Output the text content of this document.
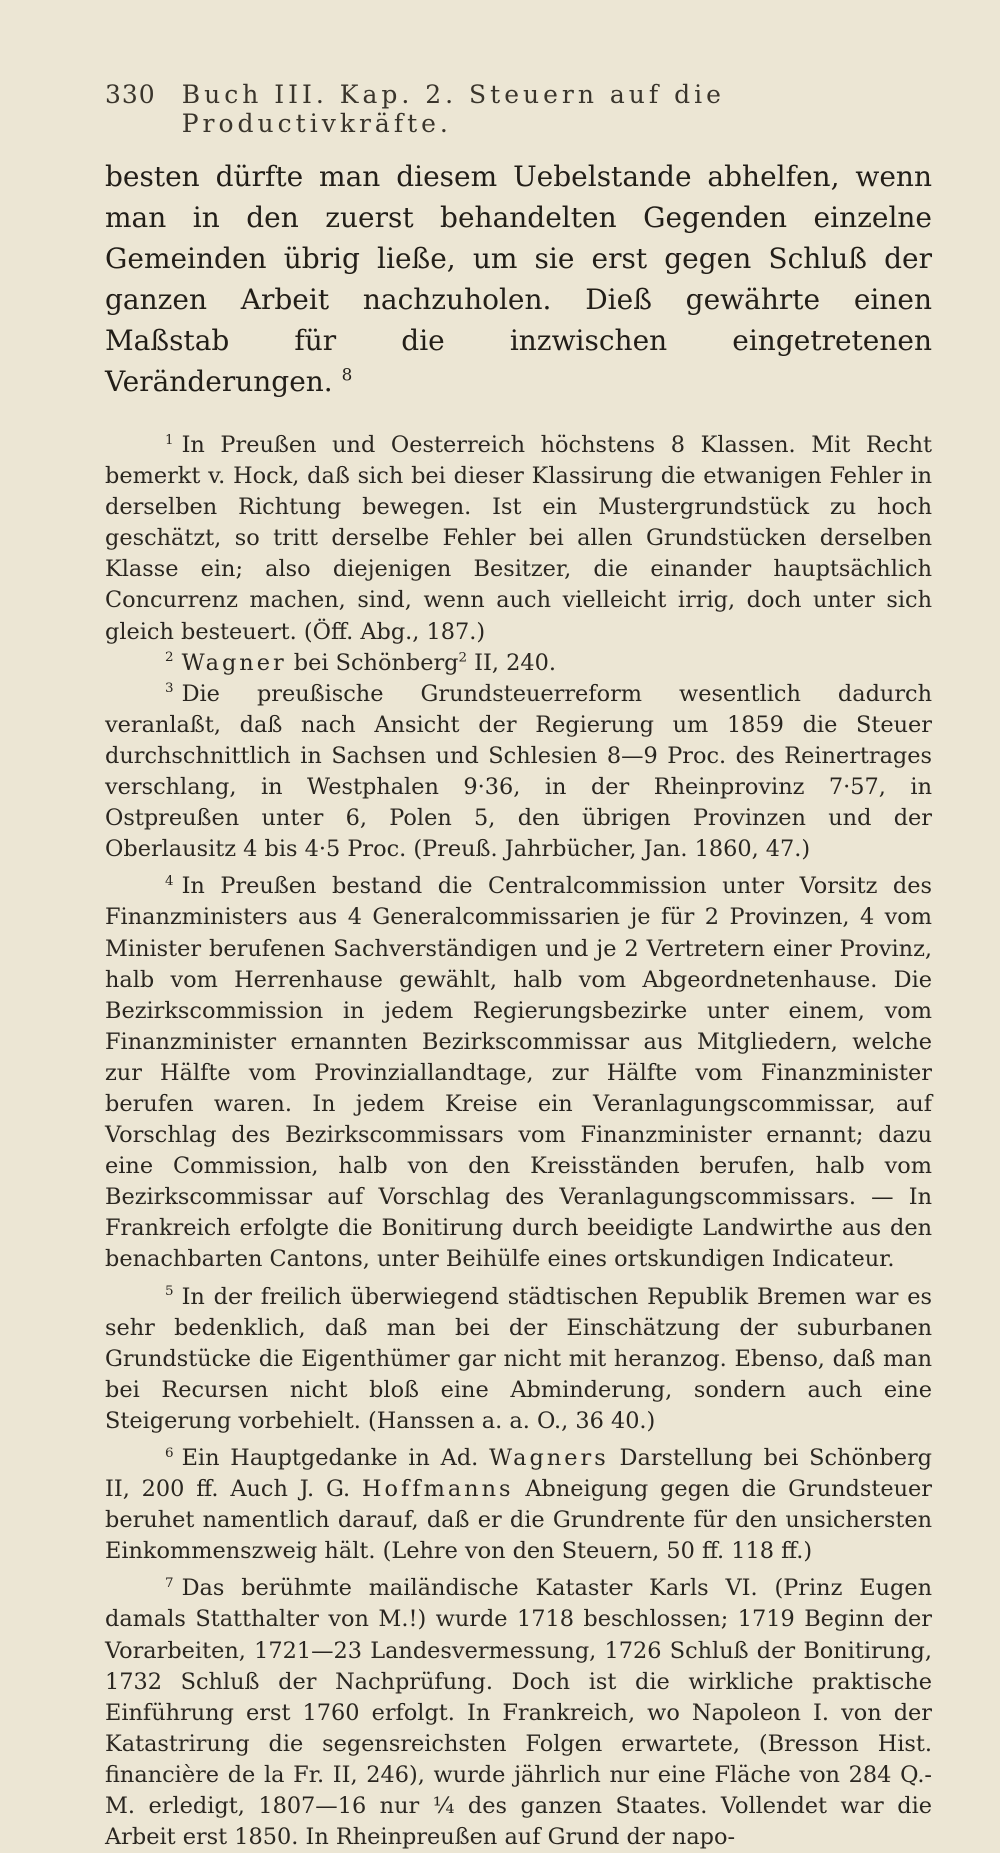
330 Buch III. Kap. 2. Steuern auf die Productivkräfte.

besten dürfte man diesem Uebelstande abhelfen, wenn man in den zuerst behandelten Gegenden einzelne Gemeinden übrig ließe, um sie erst gegen Schluß der ganzen Arbeit nachzuholen. Dieß gewährte einen Maßstab für die inzwischen eingetretenen Veränderungen. $^8$

$^1$ In Preußen und Oesterreich höchstens 8 Klassen. Mit Recht bemerkt v. Hock, daß sich bei dieser Klassirung die etwanigen Fehler in derselben Richtung bewegen. Ist ein Mustergrundstück zu hoch geschätzt, so tritt derselbe Fehler bei allen Grundstücken derselben Klasse ein; also diejenigen Besitzer, die einander hauptsächlich Concurrenz machen, sind, wenn auch vielleicht irrig, doch unter sich gleich besteuert. (Öff. Abg., 187.)

$^2$ Wagner bei Schönberg$^2$ II, 240.

$^3$ Die preußische Grundsteuerreform wesentlich dadurch veranlaßt, daß nach Ansicht der Regierung um 1859 die Steuer durchschnittlich in Sachsen und Schlesien 8—9 Proc. des Reinertrages verschlang, in Westphalen 9·36, in der Rheinprovinz 7·57, in Ostpreußen unter 6, Polen 5, den übrigen Provinzen und der Oberlausitz 4 bis 4·5 Proc. (Preuß. Jahrbücher, Jan. 1860, 47.)

$^4$ In Preußen bestand die Centralcommission unter Vorsitz des Finanzministers aus 4 Generalcommissarien je für 2 Provinzen, 4 vom Minister berufenen Sachverständigen und je 2 Vertretern einer Provinz, halb vom Herrenhause gewählt, halb vom Abgeordnetenhause. Die Bezirkscommission in jedem Regierungsbezirke unter einem, vom Finanzminister ernannten Bezirkscommissar aus Mitgliedern, welche zur Hälfte vom Provinziallandtage, zur Hälfte vom Finanzminister berufen waren. In jedem Kreise ein Veranlagungscommissar, auf Vorschlag des Bezirkscommissars vom Finanzminister ernannt; dazu eine Commission, halb von den Kreisständen berufen, halb vom Bezirkscommissar auf Vorschlag des Veranlagungscommissars. — In Frankreich erfolgte die Bonitirung durch beeidigte Landwirthe aus den benachbarten Cantons, unter Beihülfe eines ortskundigen Indicateur.

$^5$ In der freilich überwiegend städtischen Republik Bremen war es sehr bedenklich, daß man bei der Einschätzung der suburbanen Grundstücke die Eigenthümer gar nicht mit heranzog. Ebenso, daß man bei Recursen nicht bloß eine Abminderung, sondern auch eine Steigerung vorbehielt. (Hanssen a. a. O., 36 40.)

$^6$ Ein Hauptgedanke in Ad. Wagners Darstellung bei Schönberg II, 200 ff. Auch J. G. Hoffmanns Abneigung gegen die Grundsteuer beruhet namentlich darauf, daß er die Grundrente für den unsichersten Einkommenszweig hält. (Lehre von den Steuern, 50 ff. 118 ff.)

$^7$ Das berühmte mailändische Kataster Karls VI. (Prinz Eugen damals Statthalter von M.!) wurde 1718 beschlossen; 1719 Beginn der Vorarbeiten, 1721—23 Landesvermessung, 1726 Schluß der Bonitirung, 1732 Schluß der Nachprüfung. Doch ist die wirkliche praktische Einführung erst 1760 erfolgt. In Frankreich, wo Napoleon I. von der Katastrirung die segensreichsten Folgen erwartete, (Bresson Hist. financière de la Fr. II, 246), wurde jährlich nur eine Fläche von 284 Q.-M. erledigt, 1807—16 nur ¼ des ganzen Staates. Vollendet war die Arbeit erst 1850. In Rheinpreußen auf Grund der napo-
